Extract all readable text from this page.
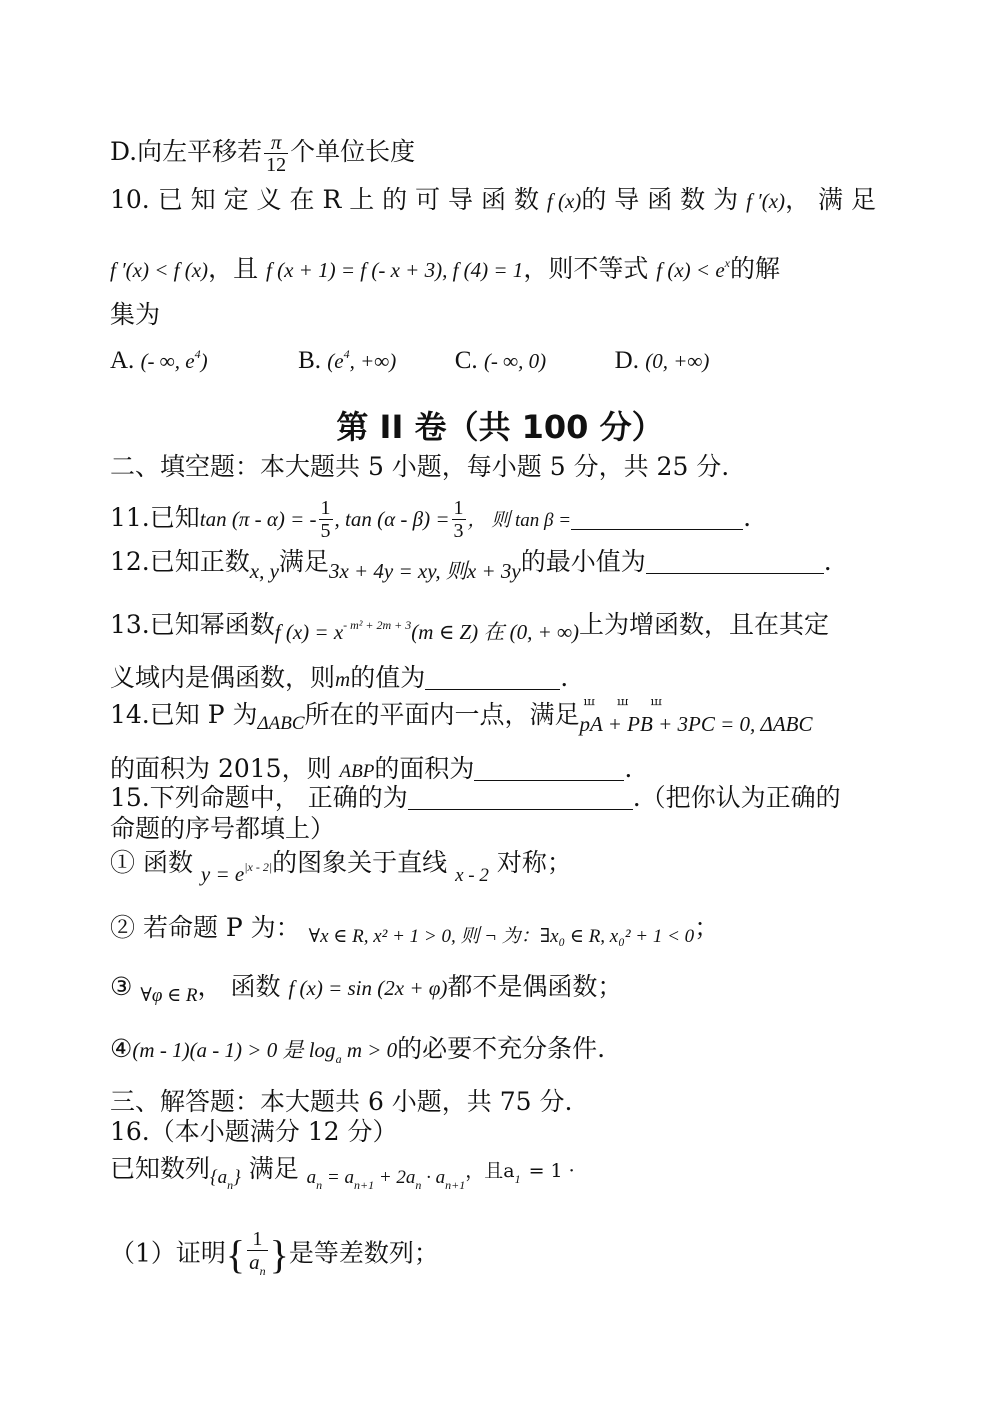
D.向左平移若 $\frac{\pi}{12}$ 个单位长度
10. 已 知 定 义 在 R 上 的 可 导 函 数 f (x)的 导 函 数 为 f ′(x)， 满 足
f ′(x) < f (x)，且 f (x + 1) = f (- x + 3), f (4) = 1，则不等式 f $(x) < e^x$的解
集为
A. (- ∞, $e^4$)	B. ($e^4$, +∞) C. (- ∞, 0)	D. (0, +∞)
第 II 卷（共 100 分）
二、填空题：本大题共 5 小题，每小题 5 分，共 25 分.
11.已知tan (π - α) = - $\frac{1}{5}$ , $\tan (\alpha - \beta) = \frac{1}{3}$ ， 则 tan β =	.
12.已知正数$_{x, y}$满足$_{3x + 4y = xy, 则x + 3y}$的最小值为	.
13.已知幂函数$_{f (x) = x}^{- m^2 + 2m + 3}_{(m \in Z) 在 (0, + \infty)}$上为增函数，且在其定
义域内是偶函数，则m的值为	.
14.已知 P 为$_{\Delta ABC}$所在的平面内一点，满足 ꟺꟺꟺ
$_{pA + PB + 3PC = 0, \Delta ABC}$
的面积为 2015，则 ABP的面积为	.
15.下列命题中， 正确的为	.（把你认为正确的
命题的序号都填上）
① 函数 $_{y = e}$|x - 2|的图象关于直线 $_{x - 2}$ 对称；
② 若命题 P 为： $_{\forall x \in R, x^2 + 1 > 0, 则 \neg 为:\exists x_0 \in R, x_0^2 + 1 < 0}$；
③ $_{\forall\varphi \in R}$， 函数 f (x) = sin (2x + φ)都不是偶函数；
④(m - 1)(a - 1) > 0 是 $\log_a m > 0$的必要不充分条件.
三、解答题：本大题共 6 小题，共 75 分.
16.（本小题满分 12 分）
已知数列$_{\{a_n\}}$ 满足 $_{a_n = a_{n+1} + 2a_n \cdot a_{n+1}}$，且$a_1 = 1$ ·
（1）证明{ $\frac{1}{a_n}$ }是等差数列；
